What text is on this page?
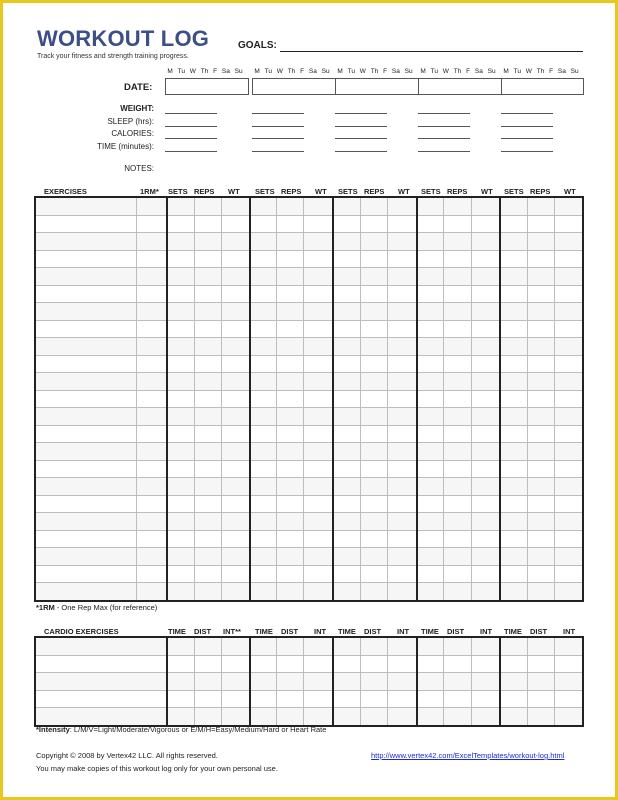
WORKOUT LOG
Track your fitness and strength training progress.
GOALS:
M Tu W Th F Sa Su M Tu W Th F Sa Su M Tu W Th F Sa Su M Tu W Th F Sa Su M Tu W Th F Sa Su
DATE:
WEIGHT:
SLEEP (hrs):
CALORIES:
TIME (minutes):
NOTES:
EXERCISES	1RM* SETS REPS WT SETS REPS WT SETS REPS WT SETS REPS WT SETS REPS WT

*1RM - One Rep Max (for reference)
CARDIO EXERCISES	TIME DIST INT** TIME DIST INT TIME DIST INT TIME DIST INT TIME DIST INT

*Intensity: L/M/V=Light/Moderate/Vigorous or E/M/H=Easy/Medium/Hard or Heart Rate
Copyright © 2008 by Vertex42 LLC. All rights reserved.
You may make copies of this workout log only for your own personal use.
http://www.vertex42.com/ExcelTemplates/workout-log.html
